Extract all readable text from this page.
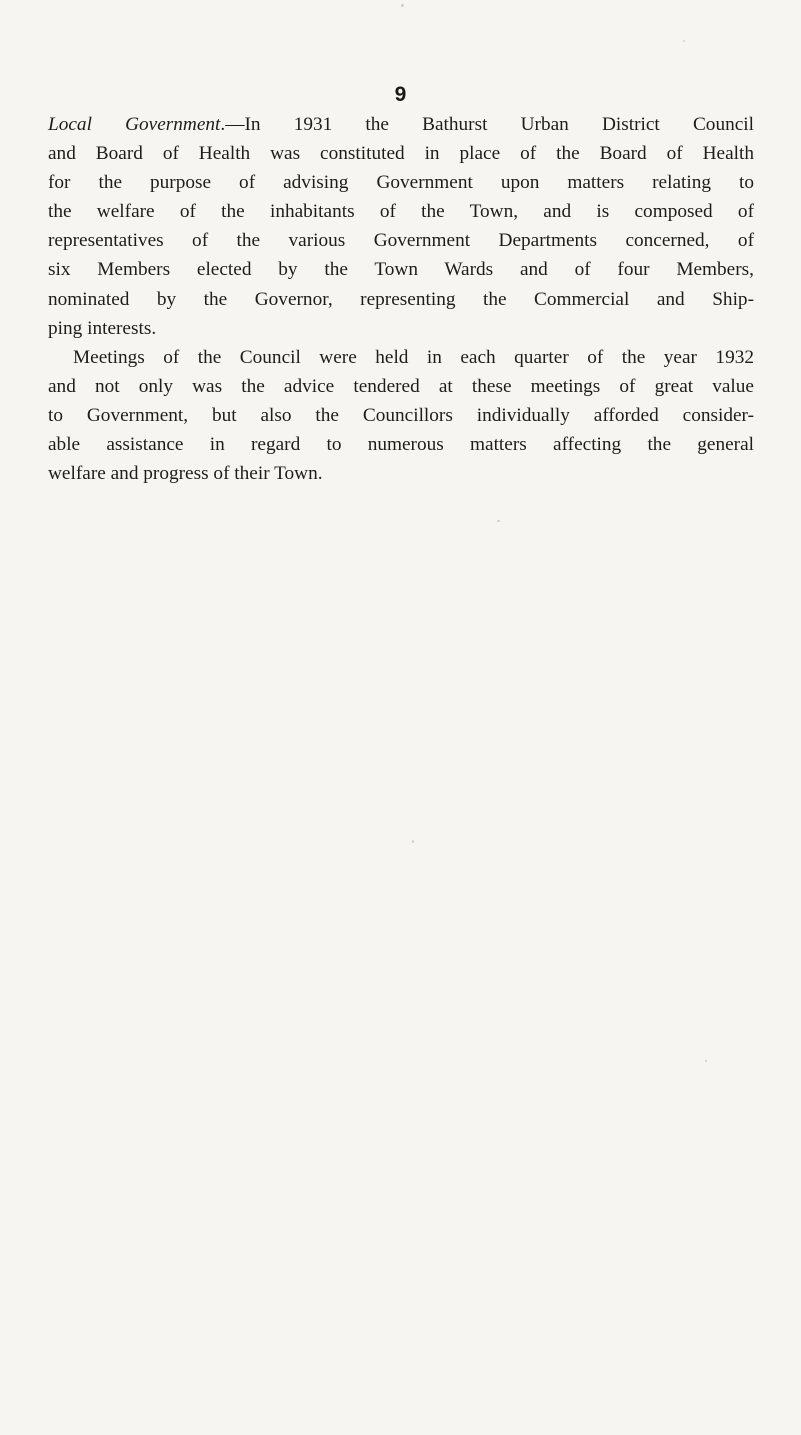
9
Local Government.—In 1931 the Bathurst Urban District Council
and Board of Health was constituted in place of the Board of Health
for the purpose of advising Government upon matters relating to
the welfare of the inhabitants of the Town, and is composed of
representatives of the various Government Departments concerned, of
six Members elected by the Town Wards and of four Members,
nominated by the Governor, representing the Commercial and Ship-
ping interests.
Meetings of the Council were held in each quarter of the year 1932
and not only was the advice tendered at these meetings of great value
to Government, but also the Councillors individually afforded consider-
able assistance in regard to numerous matters affecting the general
welfare and progress of their Town.
